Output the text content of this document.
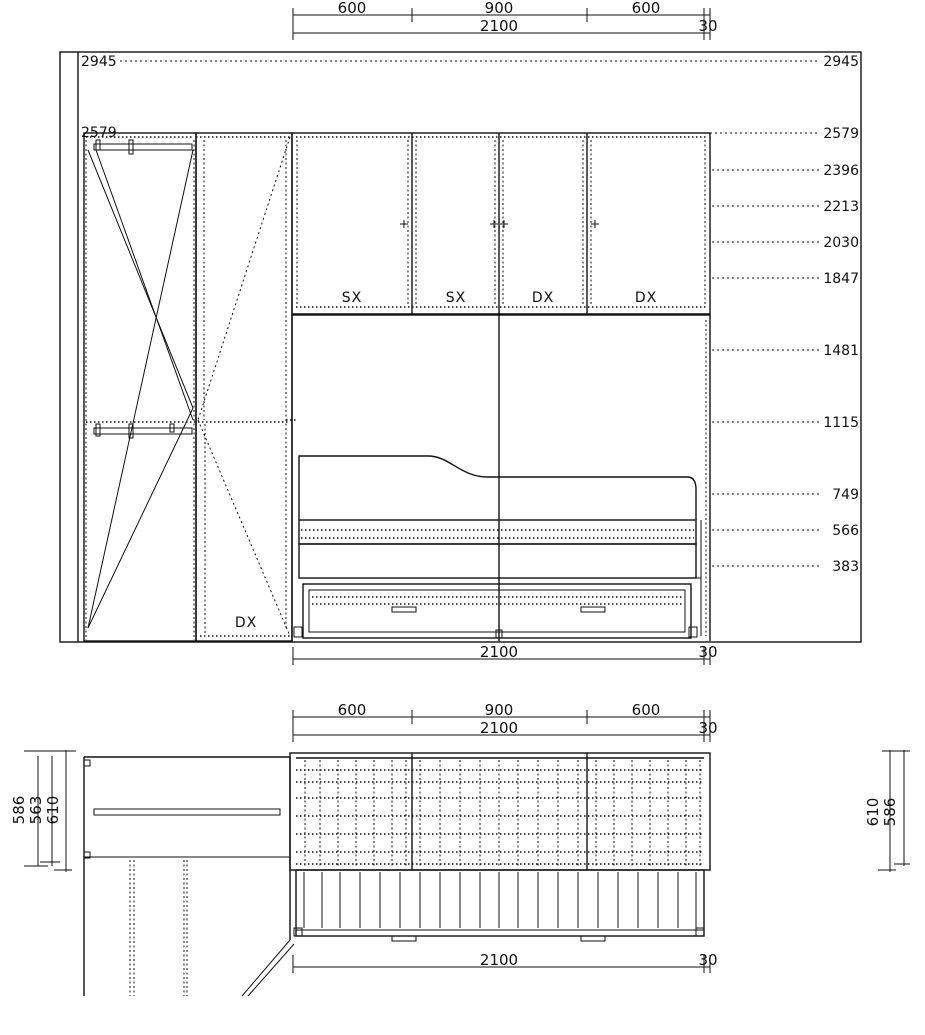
600	900	600
2100	30
2945
2579
2945
2579
2396
2213
2030
1847
1481
1115
749
566
383
DX
SX	SX	DX	DX
2100	30
600	900	600
2100	30
586 563 610	610 586
2100	30
